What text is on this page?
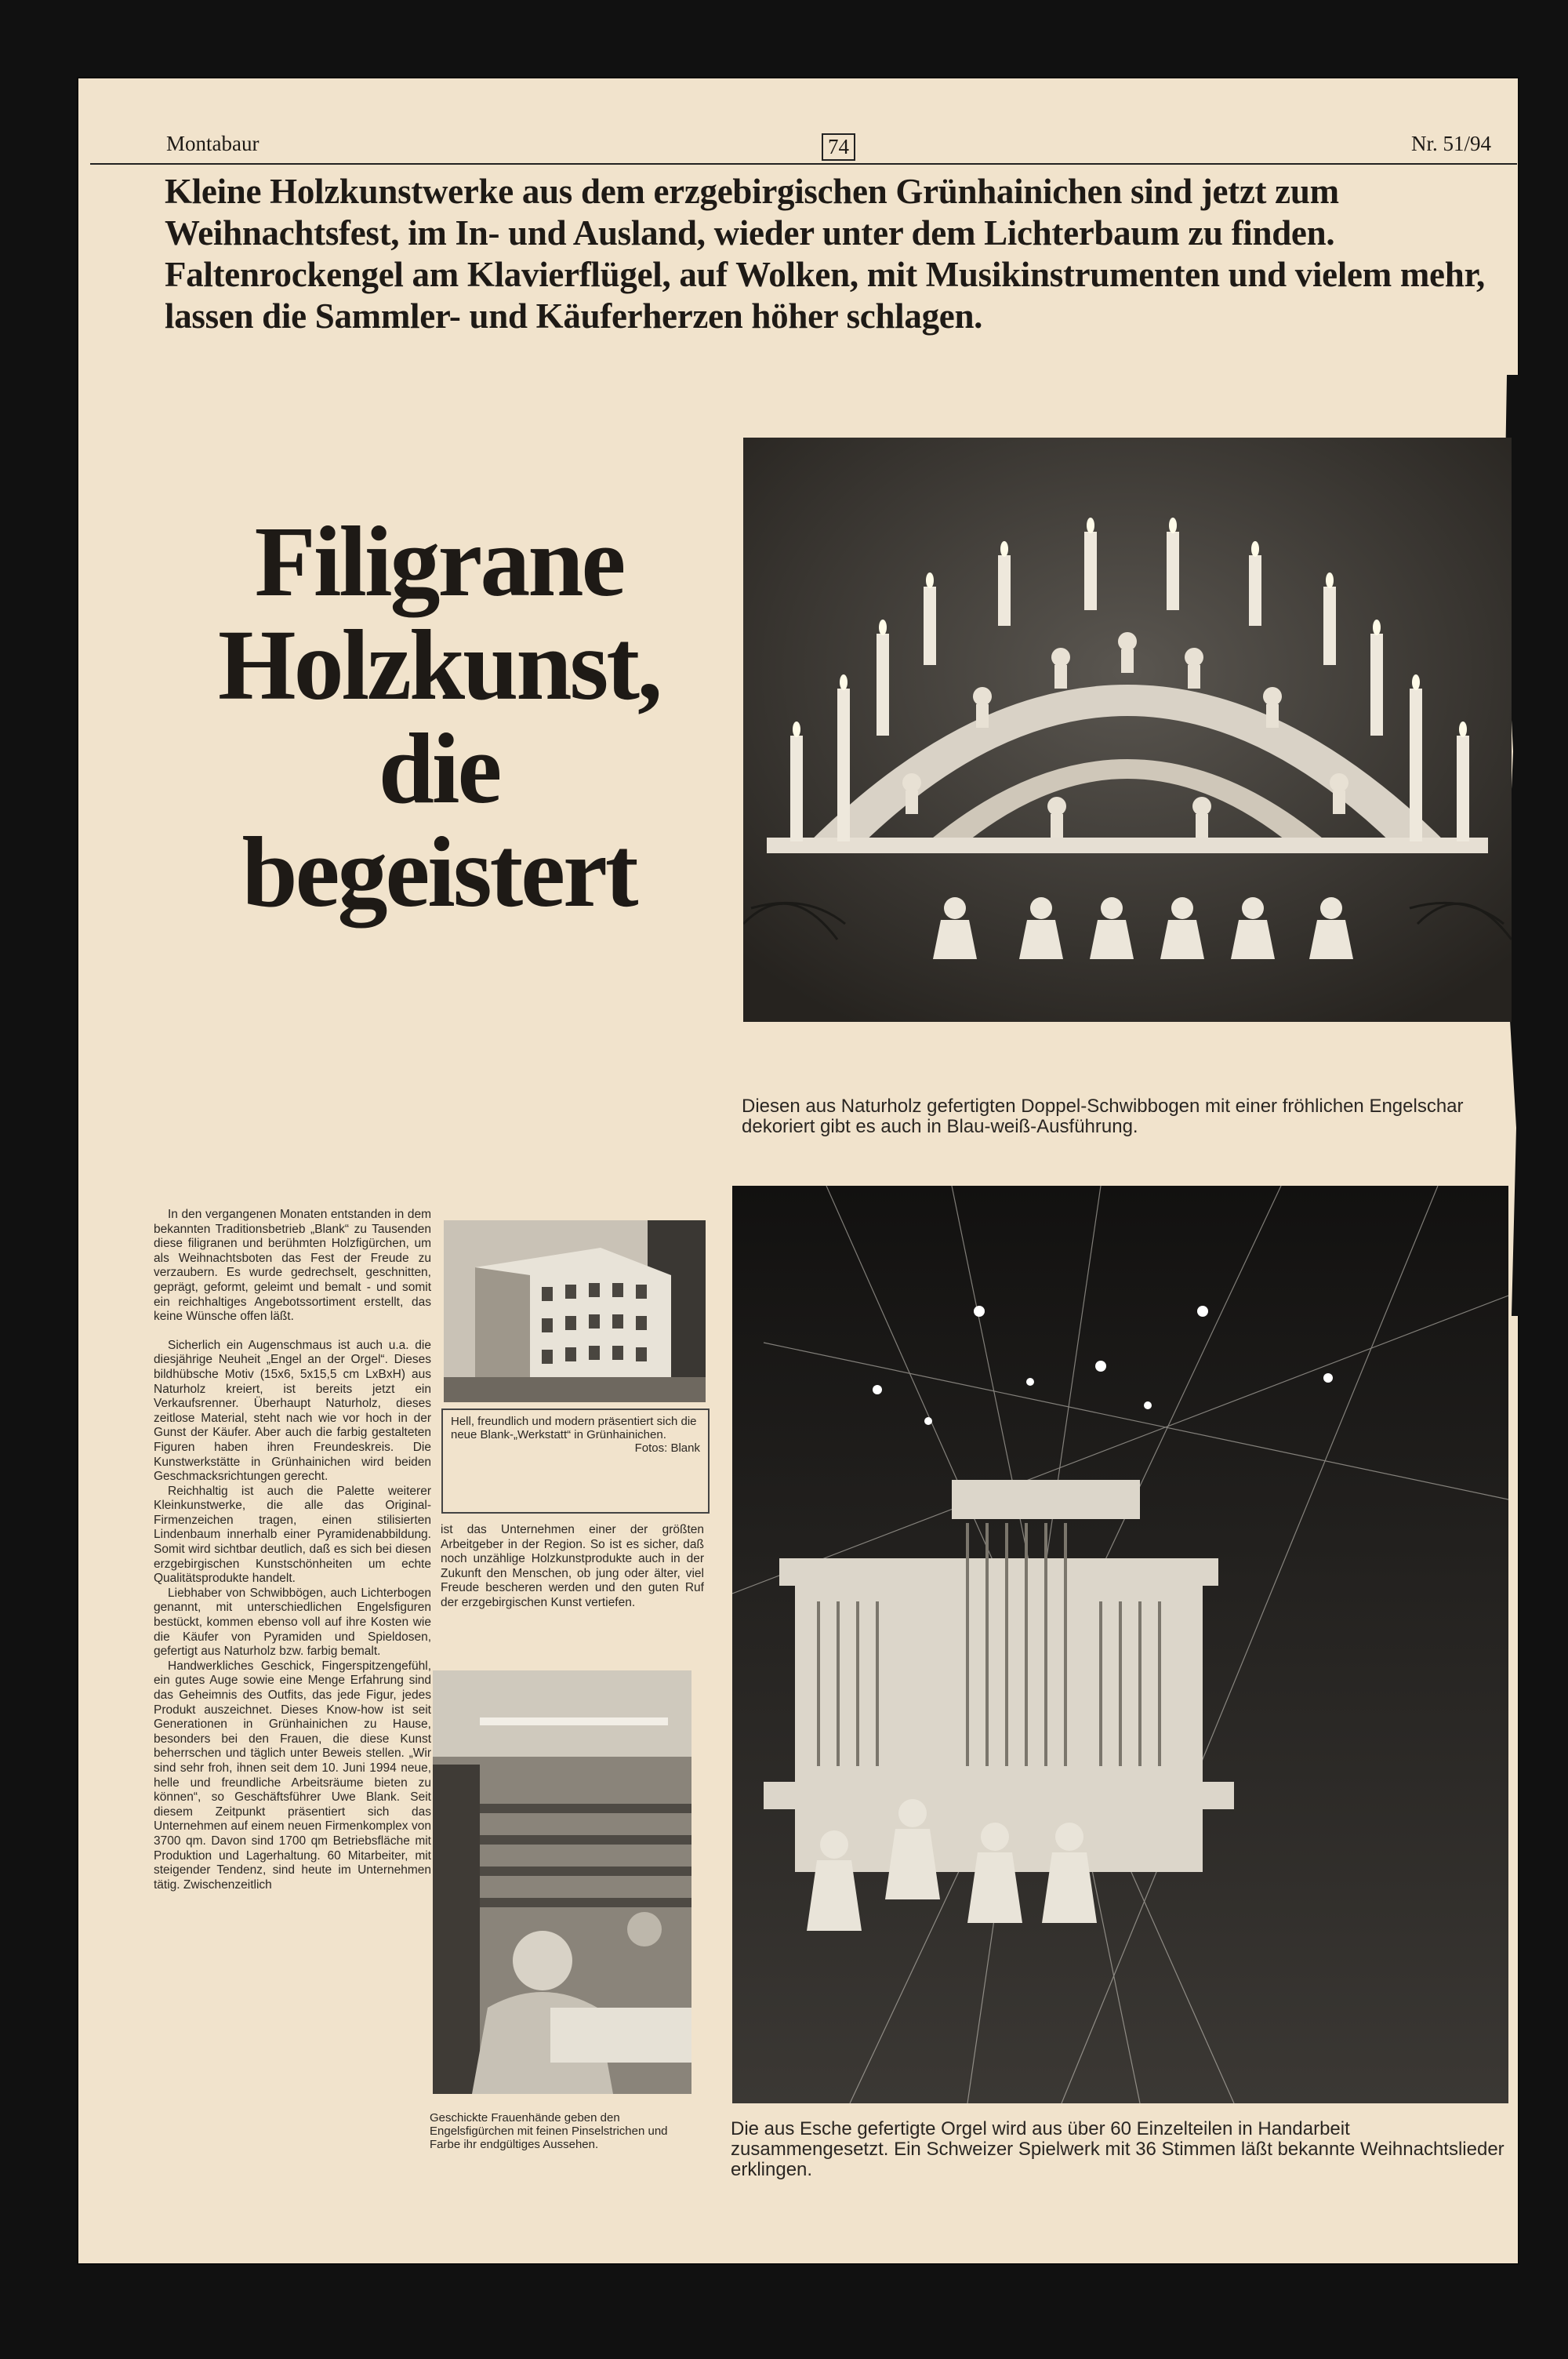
Montabaur	74	Nr. 51/94
Kleine Holzkunstwerke aus dem erzgebirgischen Grünhainichen sind jetzt zum Weihnachtsfest, im In- und Ausland, wieder unter dem Lichterbaum zu finden. Faltenrockengel am Klavierflügel, auf Wolken, mit Musikinstrumenten und vielem mehr, lassen die Sammler- und Käuferherzen höher schlagen.
Filigrane
Holzkunst,
die
begeistert
Diesen aus Naturholz gefertigten Doppel-Schwibbogen mit einer fröhlichen Engelschar dekoriert gibt es auch in Blau-weiß-Ausführung.
Die aus Esche gefertigte Orgel wird aus über 60 Einzelteilen in Handarbeit zusammengesetzt. Ein Schweizer Spielwerk mit 36 Stimmen läßt bekannte Weihnachtslieder erklingen.

In den vergangenen Monaten entstanden in dem bekannten Traditionsbetrieb „Blank“ zu Tausenden diese filigranen und berühmten Holzfigürchen, um als Weihnachtsboten das Fest der Freude zu verzaubern. Es wurde gedrechselt, geschnitten, geprägt, geformt, geleimt und bemalt - und somit ein reichhaltiges Angebotssortiment erstellt, das keine Wünsche offen läßt.

Sicherlich ein Augenschmaus ist auch u.a. die diesjährige Neuheit „Engel an der Orgel“. Dieses bildhübsche Motiv (15x6, 5x15,5 cm LxBxH) aus Naturholz kreiert, ist bereits jetzt ein Verkaufsrenner. Überhaupt Naturholz, dieses zeitlose Material, steht nach wie vor hoch in der Gunst der Käufer. Aber auch die farbig gestalteten Figuren haben ihren Freundeskreis. Die Kunstwerkstätte in Grünhainichen wird beiden Geschmacksrichtungen gerecht.

Reichhaltig ist auch die Palette weiterer Kleinkunstwerke, die alle das Original-Firmenzeichen tragen, einen stilisierten Lindenbaum innerhalb einer Pyramidenabbildung. Somit wird sichtbar deutlich, daß es sich bei diesen erzgebirgischen Kunstschönheiten um echte Qualitätsprodukte handelt.

Liebhaber von Schwibbögen, auch Lichterbogen genannt, mit unterschiedlichen Engelsfiguren bestückt, kommen ebenso voll auf ihre Kosten wie die Käufer von Pyramiden und Spieldosen, gefertigt aus Naturholz bzw. farbig bemalt.

Handwerkliches Geschick, Fingerspitzengefühl, ein gutes Auge sowie eine Menge Erfahrung sind das Geheimnis des Outfits, das jede Figur, jedes Produkt auszeichnet. Dieses Know-how ist seit Generationen in Grünhainichen zu Hause, besonders bei den Frauen, die diese Kunst beherrschen und täglich unter Beweis stellen. „Wir sind sehr froh, ihnen seit dem 10. Juni 1994 neue, helle und freundliche Arbeitsräume bieten zu können“, so Geschäftsführer Uwe Blank. Seit diesem Zeitpunkt präsentiert sich das Unternehmen auf einem neuen Firmenkomplex von 3700 qm. Davon sind 1700 qm Betriebsfläche mit Produktion und Lagerhaltung. 60 Mitarbeiter, mit steigender Tendenz, sind heute im Unternehmen tätig. Zwischenzeitlich

Hell, freundlich und modern präsentiert sich die neue Blank-„Werkstatt“ in Grünhainichen.
Fotos: Blank

ist das Unternehmen einer der größten Arbeitgeber in der Region. So ist es sicher, daß noch unzählige Holzkunstprodukte auch in der Zukunft den Menschen, ob jung oder älter, viel Freude bescheren werden und den guten Ruf der erzgebirgischen Kunst vertiefen.

Geschickte Frauenhände geben den Engelsfigürchen mit feinen Pinselstrichen und Farbe ihr endgültiges Aussehen.
